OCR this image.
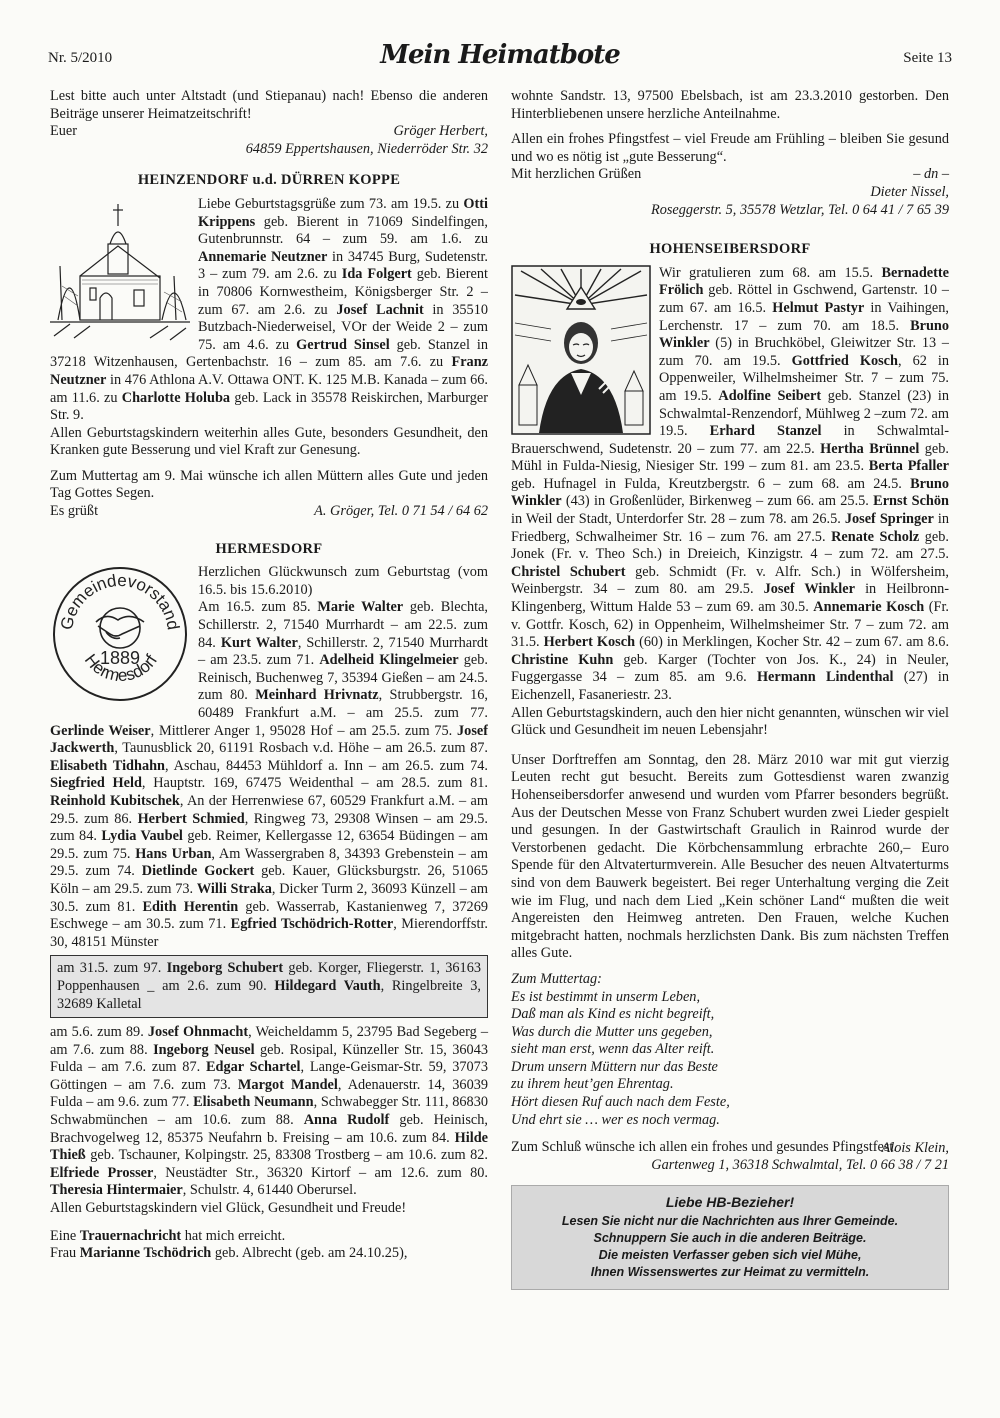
Nr. 5/2010	Mein Heimatbote	Seite 13

Lest bitte auch unter Altstadt (und Stiepanau) nach! Ebenso die anderen Beiträge unserer Heimatzeitschrift!

Euer	Gröger Herbert,

64859 Eppertshausen, Niederröder Str. 32

HEINZENDORF u.d. DÜRREN KOPPE
Liebe Geburtstagsgrüße zum 73. am 19.5. zu Otti Krippens geb. Bierent in 71069 Sindelfingen, Gutenbrunnstr. 64 – zum 59. am 1.6. zu Annemarie Neutzner in 34745 Burg, Sudetenstr. 3 – zum 79. am 2.6. zu Ida Folgert geb. Bierent in 70806 Kornwestheim, Königsberger Str. 2 – zum 67. am 2.6. zu Josef Lachnit in 35510 Butzbach-Niederweisel, VOr der Weide 2 – zum 75. am 4.6. zu Gertrud Sinsel geb. Stanzel in 37218 Witzenhausen, Gertenbachstr. 16 – zum 85. am 7.6. zu Franz Neutzner in 476 Athlona A.V. Ottawa ONT. K. 125 M.B. Kanada – zum 66. am 11.6. zu Charlotte Holuba geb. Lack in 35578 Reiskirchen, Marburger Str. 9.

Allen Geburtstagskindern weiterhin alles Gute, besonders Gesundheit, den Kranken gute Besserung und viel Kraft zur Genesung.

Zum Muttertag am 9. Mai wünsche ich allen Müttern alles Gute und jeden Tag Gottes Segen.

Es grüßt	A. Gröger, Tel. 0 71 54 / 64 62
HERMESDORF
Gemeindevorstand
Hermesdorf
1889
Herzlichen Glückwunsch zum Geburtstag (vom 16.5. bis 15.6.2010)
Am 16.5. zum 85. Marie Walter geb. Blechta, Schillerstr. 2, 71540 Murrhardt – am 22.5. zum 84. Kurt Walter, Schillerstr. 2, 71540 Murrhardt – am 23.5. zum 71. Adelheid Klingelmeier geb. Reinisch, Buchenweg 7, 35394 Gießen – am 24.5. zum 80. Meinhard Hrivnatz, Strubbergstr. 16, 60489 Frankfurt a.M. – am 25.5. zum 77. Gerlinde Weiser, Mittlerer Anger 1, 95028 Hof – am 25.5. zum 75. Josef Jackwerth, Taunusblick 20, 61191 Rosbach v.d. Höhe – am 26.5. zum 87. Elisabeth Tidhahn, Aschau, 84453 Mühldorf a. Inn – am 26.5. zum 74. Siegfried Held, Hauptstr. 169, 67475 Weidenthal – am 28.5. zum 81. Reinhold Kubitschek, An der Herrenwiese 67, 60529 Frankfurt a.M. – am 29.5. zum 86. Herbert Schmied, Ringweg 73, 29308 Winsen – am 29.5. zum 84. Lydia Vaubel geb. Reimer, Kellergasse 12, 63654 Büdingen – am 29.5. zum 75. Hans Urban, Am Wassergraben 8, 34393 Grebenstein – am 29.5. zum 74. Dietlinde Gockert geb. Kauer, Glücksburgstr. 26, 51065 Köln – am 29.5. zum 73. Willi Straka, Dicker Turm 2, 36093 Künzell – am 30.5. zum 81. Edith Herentin geb. Wasserrab, Kastanienweg 7, 37269 Eschwege – am 30.5. zum 71. Egfried Tschödrich-Rotter, Mierendorffstr. 30, 48151 Münster
am 31.5. zum 97. Ingeborg Schubert geb. Korger, Fliegerstr. 1, 36163 Poppenhausen _ am 2.6. zum 90. Hildegard Vauth, Ringelbreite 3, 32689 Kalletal

am 5.6. zum 89. Josef Ohnmacht, Weicheldamm 5, 23795 Bad Segeberg – am 7.6. zum 88. Ingeborg Neusel geb. Rosipal, Künzeller Str. 15, 36043 Fulda – am 7.6. zum 87. Edgar Schartel, Lange-Geismar-Str. 59, 37073 Göttingen – am 7.6. zum 73. Margot Mandel, Adenauerstr. 14, 36039 Fulda – am 9.6. zum 77. Elisabeth Neumann, Schwabegger Str. 111, 86830 Schwabmünchen – am 10.6. zum 88. Anna Rudolf geb. Heinisch, Brachvogelweg 12, 85375 Neufahrn b. Freising – am 10.6. zum 84. Hilde Thieß geb. Tschauner, Kolpingstr. 25, 83308 Trostberg – am 10.6. zum 82. Elfriede Prosser, Neustädter Str., 36320 Kirtorf – am 12.6. zum 80. Theresia Hintermaier, Schulstr. 4, 61440 Oberursel.

Allen Geburtstagskindern viel Glück, Gesundheit und Freude!

Eine Trauernachricht hat mich erreicht.
Frau Marianne Tschödrich geb. Albrecht (geb. am 24.10.25),

wohnte Sandstr. 13, 97500 Ebelsbach, ist am 23.3.2010 gestorben. Den Hinterbliebenen unsere herzliche Anteilnahme.

Allen ein frohes Pfingstfest – viel Freude am Frühling – bleiben Sie gesund und wo es nötig ist „gute Besserung“.

Mit herzlichen Grüßen	– dn –
Dieter Nissel,

Roseggerstr. 5, 35578 Wetzlar, Tel. 0 64 41 / 7 65 39

HOHENSEIBERSDORF
Wir gratulieren zum 68. am 15.5. Bernadette Frölich geb. Röttel in Gschwend, Gartenstr. 10 – zum 67. am 16.5. Helmut Pastyr in Vaihingen, Lerchenstr. 17 – zum 70. am 18.5. Bruno Winkler (5) in Bruchköbel, Gleiwitzer Str. 13 – zum 70. am 19.5. Gottfried Kosch, 62 in Oppenweiler, Wilhelmsheimer Str. 7 – zum 75. am 19.5. Adolfine Seibert geb. Stanzel (23) in Schwalmtal-Renzendorf, Mühlweg 2 –zum 72. am 19.5. Erhard Stanzel in Schwalmtal-Brauerschwend, Sudetenstr. 20 – zum 77. am 22.5. Hertha Brünnel geb. Mühl in Fulda-Niesig, Niesiger Str. 199 – zum 81. am 23.5. Berta Pfaller geb. Hufnagel in Fulda, Kreutzbergstr. 6 – zum 68. am 24.5. Bruno Winkler (43) in Großenlüder, Birkenweg – zum 66. am 25.5. Ernst Schön in Weil der Stadt, Unterdorfer Str. 28 – zum 78. am 26.5. Josef Springer in Friedberg, Schwalheimer Str. 16 – zum 76. am 27.5. Renate Scholz geb. Jonek (Fr. v. Theo Sch.) in Dreieich, Kinzigstr. 4 – zum 72. am 27.5. Christel Schubert geb. Schmidt (Fr. v. Alfr. Sch.) in Wölfersheim, Weinbergstr. 34 – zum 80. am 29.5. Josef Winkler in Heilbronn-Klingenberg, Wittum Halde 53 – zum 69. am 30.5. Annemarie Kosch (Fr. v. Gottfr. Kosch, 62) in Oppenheim, Wilhelmsheimer Str. 7 – zum 72. am 31.5. Herbert Kosch (60) in Merklingen, Kocher Str. 42 – zum 67. am 8.6. Christine Kuhn geb. Karger (Tochter von Jos. K., 24) in Neuler, Fuggergasse 34 – zum 85. am 9.6. Hermann Lindenthal (27) in Eichenzell, Fasaneriestr. 23.

Allen Geburtstagskindern, auch den hier nicht genannten, wünschen wir viel Glück und Gesundheit im neuen Lebensjahr!

Unser Dorftreffen am Sonntag, den 28. März 2010 war mit gut vierzig Leuten recht gut besucht. Bereits zum Gottesdienst waren zwanzig Hohenseibersdorfer anwesend und wurden vom Pfarrer besonders begrüßt. Aus der Deutschen Messe von Franz Schubert wurden zwei Lieder gespielt und gesungen. In der Gastwirtschaft Graulich in Rainrod wurde der Verstorbenen gedacht. Die Körbchensammlung erbrachte 260,– Euro Spende für den Altvaterturmverein. Alle Besucher des neuen Altvaterturms sind von dem Bauwerk begeistert. Bei reger Unterhaltung verging die Zeit wie im Flug, und nach dem Lied „Kein schöner Land“ mußten die weit Angereisten den Heimweg antreten. Den Frauen, welche Kuchen mitgebracht hatten, nochmals herzlichsten Dank. Bis zum nächsten Treffen alles Gute.

Zum Muttertag:
Es ist bestimmt in unserm Leben,
Daß man als Kind es nicht begreift,
Was durch die Mutter uns gegeben,
sieht man erst, wenn das Alter reift.
Drum unsern Müttern nur das Beste
zu ihrem heut’gen Ehrentag.
Hört diesen Ruf auch nach dem Feste,
Und ehrt sie … wer es noch vermag.

Zum Schluß wünsche ich allen ein frohes und gesundes Pfingstfest.

Alois Klein,
Gartenweg 1, 36318 Schwalmtal, Tel. 0 66 38 / 7 21
Liebe HB-Bezieher!
Lesen Sie nicht nur die Nachrichten aus Ihrer Gemeinde.
Schnuppern Sie auch in die anderen Beiträge.
Die meisten Verfasser geben sich viel Mühe,
Ihnen Wissenswertes zur Heimat zu vermitteln.
